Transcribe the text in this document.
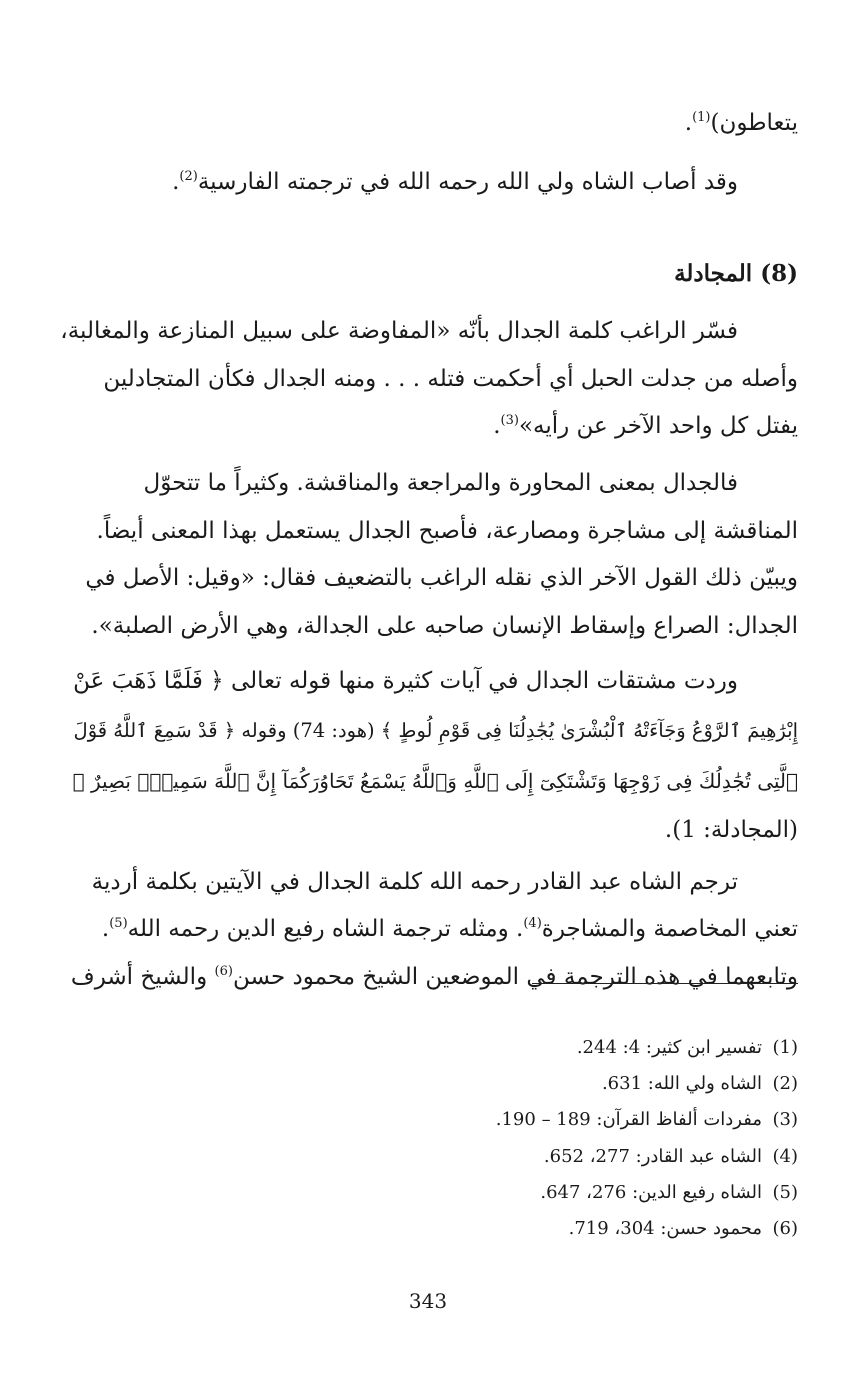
يتعاطون)$^{(1)}$.
وقد أصاب الشاه ولي الله رحمه الله في ترجمته الفارسية$^{(2)}$.
(8) المجادلة
فسّر الراغب كلمة الجدال بأنّه «المفاوضة على سبيل المنازعة والمغالبة،
وأصله من جدلت الحبل أي أحكمت فتله . . . ومنه الجدال فكأن المتجادلين
يفتل كل واحد الآخر عن رأيه»$^{(3)}$.
فالجدال بمعنى المحاورة والمراجعة والمناقشة. وكثيراً ما تتحوّل
المناقشة إلى مشاجرة ومصارعة، فأصبح الجدال يستعمل بهذا المعنى أيضاً.
ويبيّن ذلك القول الآخر الذي نقله الراغب بالتضعيف فقال: «وقيل: الأصل في
الجدال: الصراع وإسقاط الإنسان صاحبه على الجدالة، وهي الأرض الصلبة».
وردت مشتقات الجدال في آيات كثيرة منها قوله تعالى ﴿ فَلَمَّا ذَهَبَ عَنْ
إِبْرَٰهِيمَ ٱلرَّوْعُ وَجَآءَتْهُ ٱلْبُشْرَىٰ يُجَٰدِلُنَا فِى قَوْمِ لُوطٍ ﴾ (هود: 74) وقوله ﴿ قَدْ سَمِعَ ٱللَّهُ قَوْلَ
ٱلَّتِى تُجَٰدِلُكَ فِى زَوْجِهَا وَتَشْتَكِىٓ إِلَى ٱللَّهِ وَٱللَّهُ يَسْمَعُ تَحَاوُرَكُمَآ إِنَّ ٱللَّهَ سَمِيعٌۢ بَصِيرٌ ﴾
(المجادلة: 1).
ترجم الشاه عبد القادر رحمه الله كلمة الجدال في الآيتين بكلمة أردية
تعني المخاصمة والمشاجرة$^{(4)}$. ومثله ترجمة الشاه رفيع الدين رحمه الله$^{(5)}$.
وتابعهما في هذه الترجمة في الموضعين الشيخ محمود حسن$^{(6)}$ والشيخ أشرف
(1)تفسير ابن كثير: 4: 244.
(2)الشاه ولي الله: 631.
(3)مفردات ألفاظ القرآن: 189 – 190.
(4)الشاه عبد القادر: 277، 652.
(5)الشاه رفيع الدين: 276، 647.
(6)محمود حسن: 304، 719.
343
